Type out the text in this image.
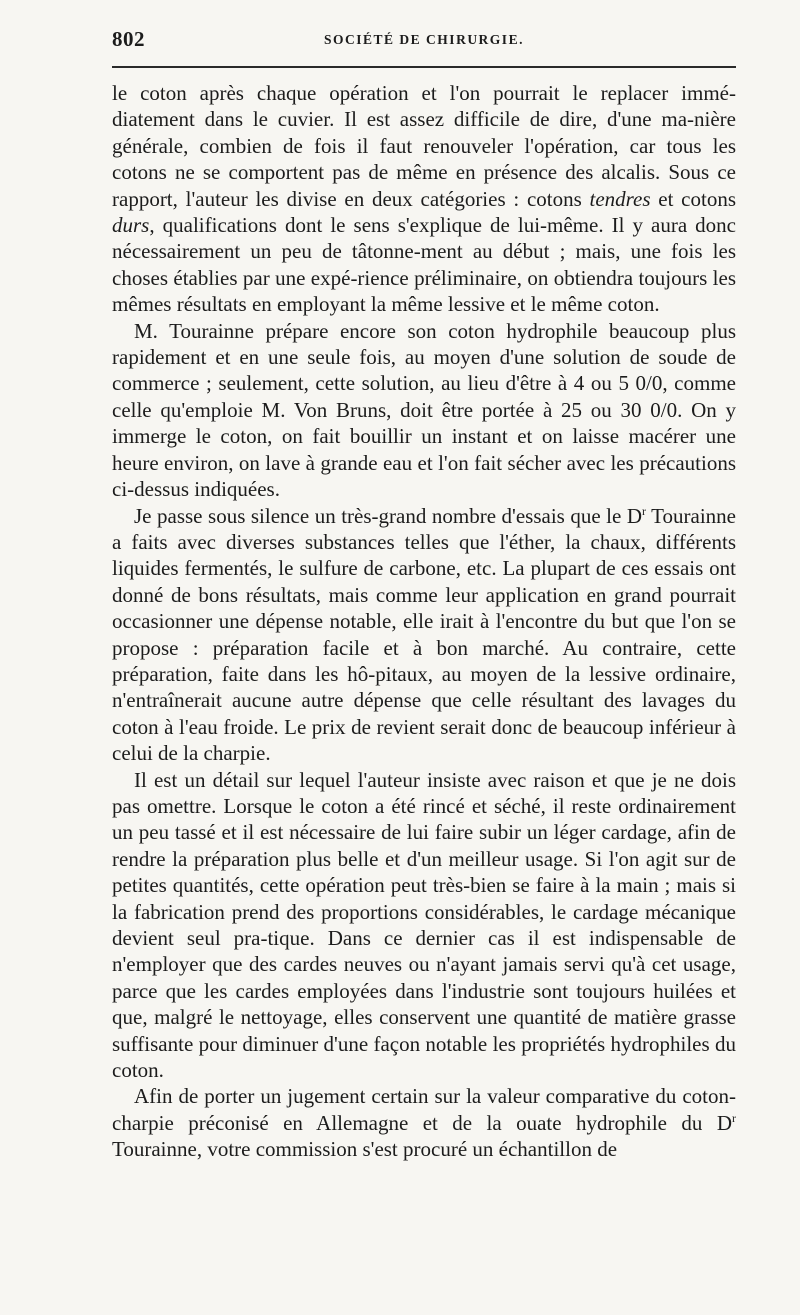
802	SOCIÉTÉ DE CHIRURGIE.

le coton après chaque opération et l'on pourrait le replacer immé-diatement dans le cuvier. Il est assez difficile de dire, d'une ma-nière générale, combien de fois il faut renouveler l'opération, car tous les cotons ne se comportent pas de même en présence des alcalis. Sous ce rapport, l'auteur les divise en deux catégories : cotons tendres et cotons durs, qualifications dont le sens s'explique de lui-même. Il y aura donc nécessairement un peu de tâtonne-ment au début ; mais, une fois les choses établies par une expé-rience préliminaire, on obtiendra toujours les mêmes résultats en employant la même lessive et le même coton.

M. Tourainne prépare encore son coton hydrophile beaucoup plus rapidement et en une seule fois, au moyen d'une solution de soude de commerce ; seulement, cette solution, au lieu d'être à 4 ou 5 0/0, comme celle qu'emploie M. Von Bruns, doit être portée à 25 ou 30 0/0. On y immerge le coton, on fait bouillir un instant et on laisse macérer une heure environ, on lave à grande eau et l'on fait sécher avec les précautions ci-dessus indiquées.

Je passe sous silence un très-grand nombre d'essais que le $D^r$ Tourainne a faits avec diverses substances telles que l'éther, la chaux, différents liquides fermentés, le sulfure de carbone, etc. La plupart de ces essais ont donné de bons résultats, mais comme leur application en grand pourrait occasionner une dépense notable, elle irait à l'encontre du but que l'on se propose : préparation facile et à bon marché. Au contraire, cette préparation, faite dans les hô-pitaux, au moyen de la lessive ordinaire, n'entraînerait aucune autre dépense que celle résultant des lavages du coton à l'eau froide. Le prix de revient serait donc de beaucoup inférieur à celui de la charpie.

Il est un détail sur lequel l'auteur insiste avec raison et que je ne dois pas omettre. Lorsque le coton a été rincé et séché, il reste ordinairement un peu tassé et il est nécessaire de lui faire subir un léger cardage, afin de rendre la préparation plus belle et d'un meilleur usage. Si l'on agit sur de petites quantités, cette opération peut très-bien se faire à la main ; mais si la fabrication prend des proportions considérables, le cardage mécanique devient seul pra-tique. Dans ce dernier cas il est indispensable de n'employer que des cardes neuves ou n'ayant jamais servi qu'à cet usage, parce que les cardes employées dans l'industrie sont toujours huilées et que, malgré le nettoyage, elles conservent une quantité de matière grasse suffisante pour diminuer d'une façon notable les propriétés hydrophiles du coton.

Afin de porter un jugement certain sur la valeur comparative du coton-charpie préconisé en Allemagne et de la ouate hydrophile du $D^r$ Tourainne, votre commission s'est procuré un échantillon de
